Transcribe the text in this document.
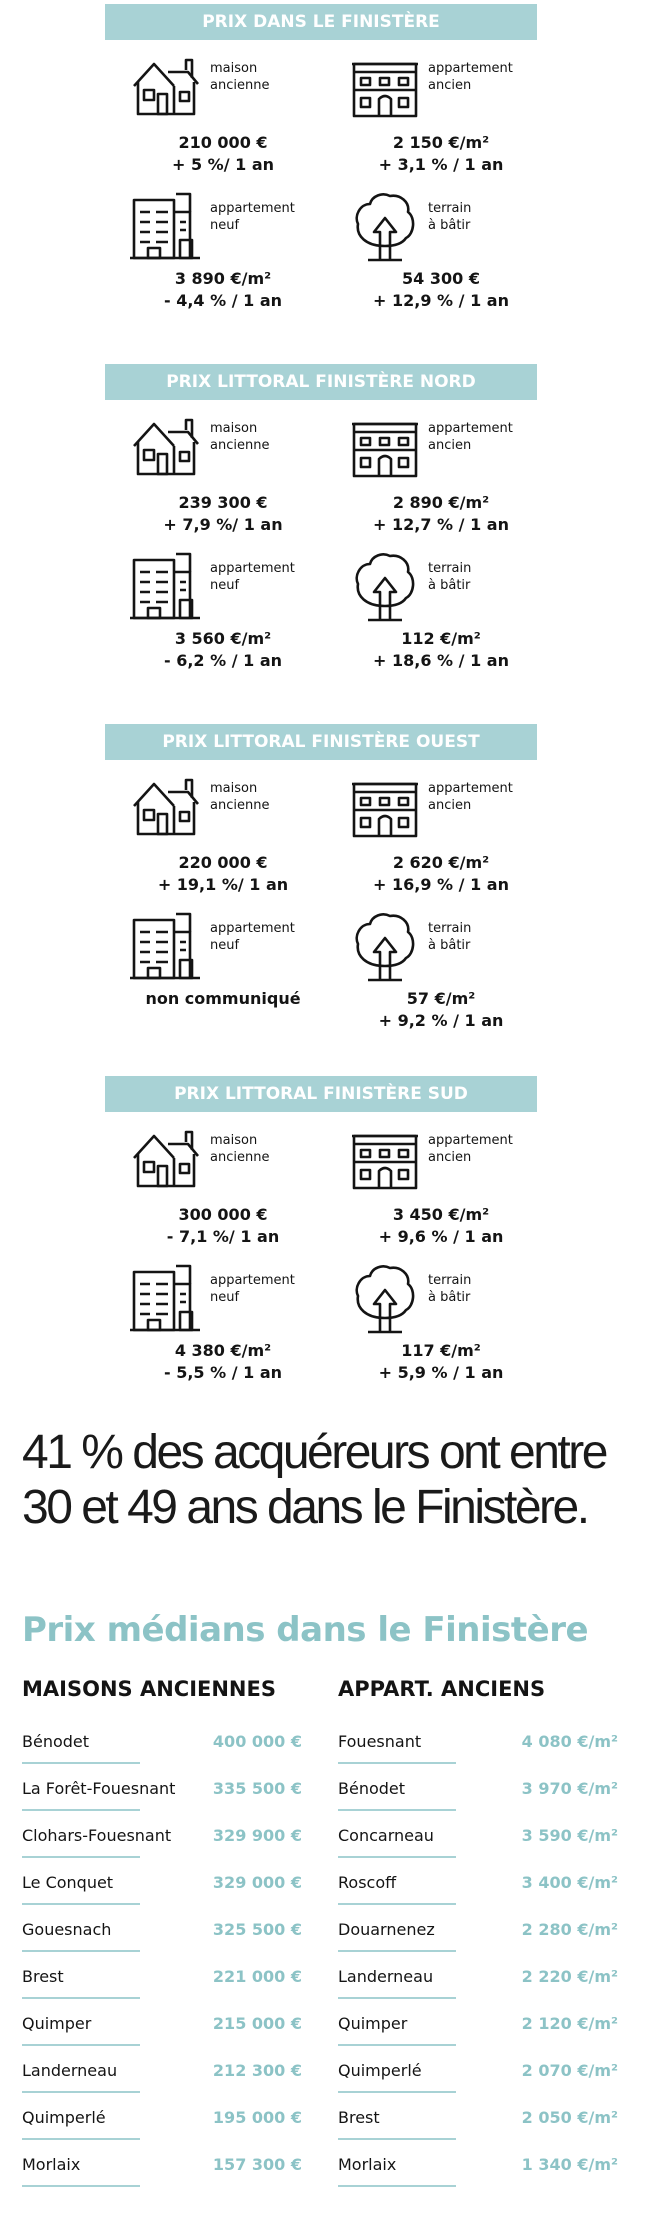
PRIX DANS LE FINISTÈRE
maison
ancienne
210 000 €
+ 5 %/ 1 an
appartement
ancien
2 150 €/m²
+ 3,1 % / 1 an
appartement
neuf
3 890 €/m²
- 4,4 % / 1 an
terrain
à bâtir
54 300 €
+ 12,9 % / 1 an
PRIX LITTORAL FINISTÈRE NORD
maison
ancienne
239 300 €
+ 7,9 %/ 1 an
appartement
ancien
2 890 €/m²
+ 12,7 % / 1 an
appartement
neuf
3 560 €/m²
- 6,2 % / 1 an
terrain
à bâtir
112 €/m²
+ 18,6 % / 1 an
PRIX LITTORAL FINISTÈRE OUEST
maison
ancienne
220 000 €
+ 19,1 %/ 1 an
appartement
ancien
2 620 €/m²
+ 16,9 % / 1 an
appartement
neuf
non communiqué
terrain
à bâtir
57 €/m²
+ 9,2 % / 1 an
PRIX LITTORAL FINISTÈRE SUD
maison
ancienne
300 000 €
- 7,1 %/ 1 an
appartement
ancien
3 450 €/m²
+ 9,6 % / 1 an
appartement
neuf
4 380 €/m²
- 5,5 % / 1 an
terrain
à bâtir
117 €/m²
+ 5,9 % / 1 an
41 % des acquéreurs ont entre
30 et 49 ans dans le Finistère.
Prix médians dans le Finistère
MAISONS ANCIENNES	APPART. ANCIENS
Bénodet	400 000 €
La Forêt-Fouesnant 335 500 €
Clohars-Fouesnant	329 900 €
Le Conquet	329 000 €
Gouesnach	325 500 €
Brest	221 000 €
Quimper	215 000 €
Landerneau	212 300 €
Quimperlé	195 000 €
Morlaix	157 300 €
Fouesnant	4 080 €/m²
Bénodet	3 970 €/m²
Concarneau	3 590 €/m²
Roscoff	3 400 €/m²
Douarnenez	2 280 €/m²
Landerneau	2 220 €/m²
Quimper	2 120 €/m²
Quimperlé	2 070 €/m²
Brest	2 050 €/m²
Morlaix	1 340 €/m²
